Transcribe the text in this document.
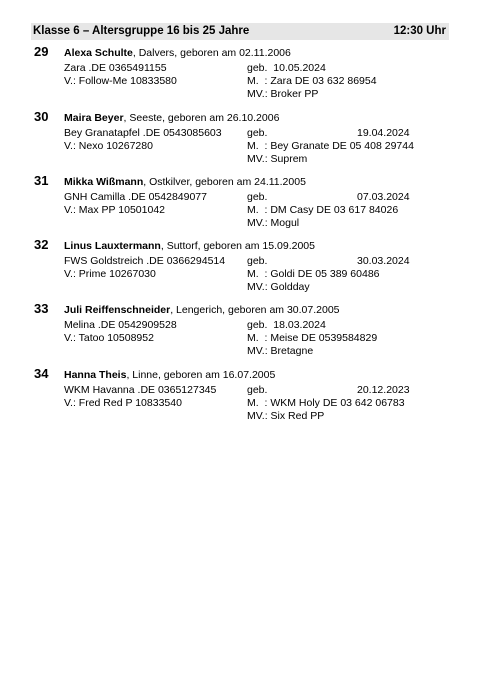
Klasse 6 – Altersgruppe 16 bis 25 Jahre	12:30 Uhr
29 Alexa Schulte, Dalvers, geboren am 02.11.2006
Zara .DE 0365491155	geb.  10.05.2024
V.: Follow-Me 10833580	M.  : Zara DE 03 632 86954
MV.: Broker PP
30 Maira Beyer, Seeste, geboren am 26.10.2006
Bey Granatapfel .DE 0543085603 geb.	19.04.2024
V.: Nexo 10267280	M.  : Bey Granate DE 05 408 29744
MV.: Suprem
31 Mikka Wißmann, Ostkilver, geboren am 24.11.2005
GNH Camilla .DE 0542849077	geb.	07.03.2024
V.: Max PP 10501042	M.  : DM Casy DE 03 617 84026
MV.: Mogul
32 Linus Lauxtermann, Suttorf, geboren am 15.09.2005
FWS Goldstreich .DE 0366294514 geb.	30.03.2024
V.: Prime 10267030	M.  : Goldi DE 05 389 60486
MV.: Goldday
33 Juli Reiffenschneider, Lengerich, geboren am 30.07.2005
Melina .DE 0542909528	geb.  18.03.2024
V.: Tatoo 10508952	M.  : Meise DE 0539584829
MV.: Bretagne
34 Hanna Theis, Linne, geboren am 16.07.2005
WKM Havanna .DE 0365127345	geb.	20.12.2023
V.: Fred Red P 10833540	M.  : WKM Holy DE 03 642 06783
MV.: Six Red PP
